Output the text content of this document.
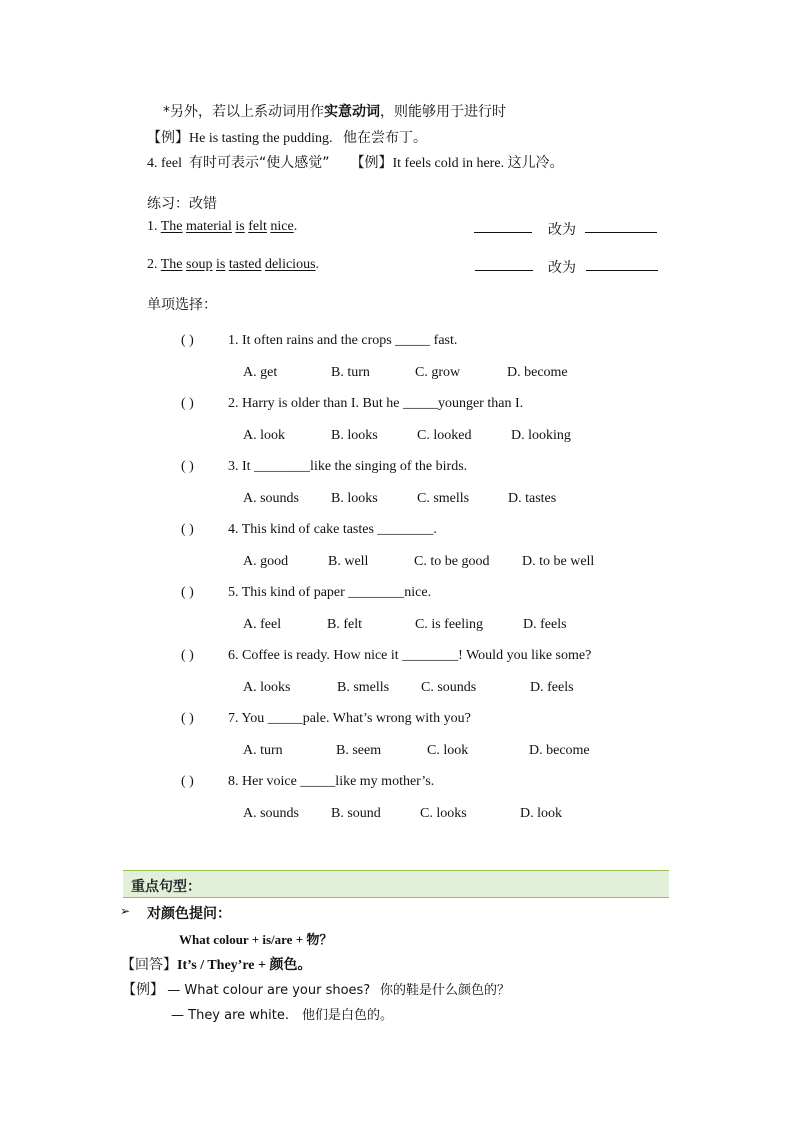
*另外，若以上系动词用作实意动词，则能够用于进行时
【例】He is tasting the pudding. 他在尝布丁。
4. feel 有时可表示“使人感觉” 【例】It feels cold in here. 这儿冷。
练习：改错
1. The material is felt nice.	改为
2. The soup is tasted delicious.	改为
单项选择：
( ) 1. It often rains and the crops _____ fast.
A. get	B. turn	C. grow	D. become
( ) 2. Harry is older than I. But he _____younger than I.
A. look	B. looks	C. looked	D. looking
( ) 3. It ________like the singing of the birds.
A. sounds B. looks	C. smells	D. tastes
( ) 4. This kind of cake tastes ________.
A. good	B. well	C. to be good D. to be well
( ) 5. This kind of paper ________nice.
A. feel	B. felt	C. is feeling	D. feels
( ) 6. Coffee is ready. How nice it ________! Would you like some?
A. looks	B. smells C. sounds	D. feels
( ) 7. You _____pale. What’s wrong with you?
A. turn	B. seem	C. look	D. become
( ) 8. Her voice _____like my mother’s.
A. sounds B. sound	C. looks	D. look
重点句型：
➢ 对颜色提问：
What colour + is/are + 物？
【回答】It’s / They’re + 颜色。
【例】 — What colour are your shoes? 你的鞋是什么颜色的？
— They are white. 他们是白色的。
